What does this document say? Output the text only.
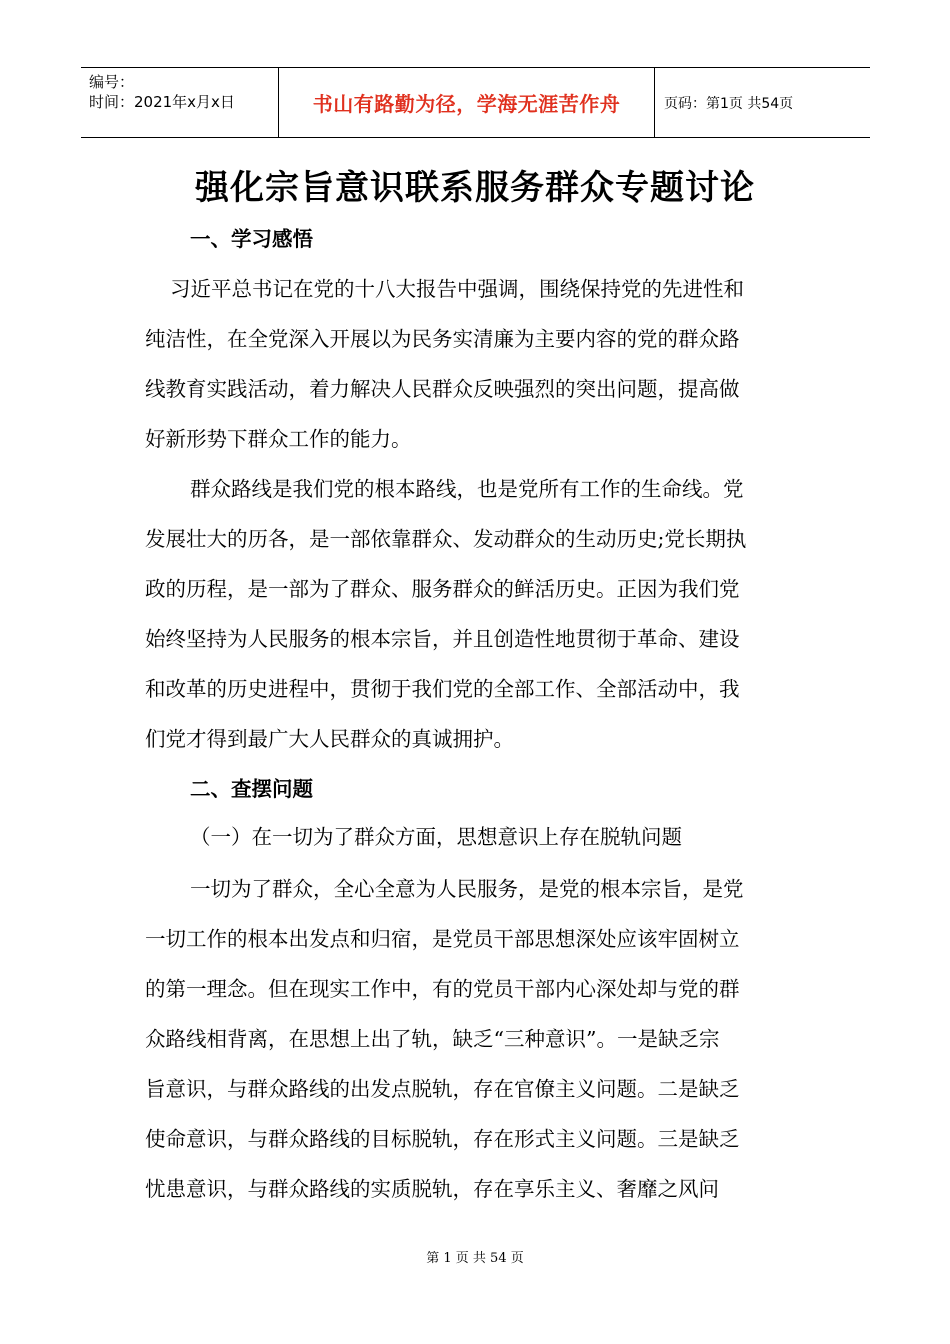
编号：
时间：2021年x月x日	书山有路勤为径，学海无涯苦作舟	页码：第1页 共54页
强化宗旨意识联系服务群众专题讨论
一、学习感悟
习近平总书记在党的十八大报告中强调，围绕保持党的先进性和
纯洁性，在全党深入开展以为民务实清廉为主要内容的党的群众路
线教育实践活动，着力解决人民群众反映强烈的突出问题，提高做
好新形势下群众工作的能力。
群众路线是我们党的根本路线，也是党所有工作的生命线。党
发展壮大的历各，是一部依靠群众、发动群众的生动历史;党长期执
政的历程，是一部为了群众、服务群众的鲜活历史。正因为我们党
始终坚持为人民服务的根本宗旨，并且创造性地贯彻于革命、建设
和改革的历史进程中，贯彻于我们党的全部工作、全部活动中，我
们党才得到最广大人民群众的真诚拥护。
二、查摆问题
（一）在一切为了群众方面，思想意识上存在脱轨问题
一切为了群众，全心全意为人民服务，是党的根本宗旨，是党
一切工作的根本出发点和归宿，是党员干部思想深处应该牢固树立
的第一理念。但在现实工作中，有的党员干部内心深处却与党的群
众路线相背离，在思想上出了轨，缺乏“三种意识”。一是缺乏宗
旨意识，与群众路线的出发点脱轨，存在官僚主义问题。二是缺乏
使命意识，与群众路线的目标脱轨，存在形式主义问题。三是缺乏
忧患意识，与群众路线的实质脱轨，存在享乐主义、奢靡之风问
第 1 页 共 54 页
